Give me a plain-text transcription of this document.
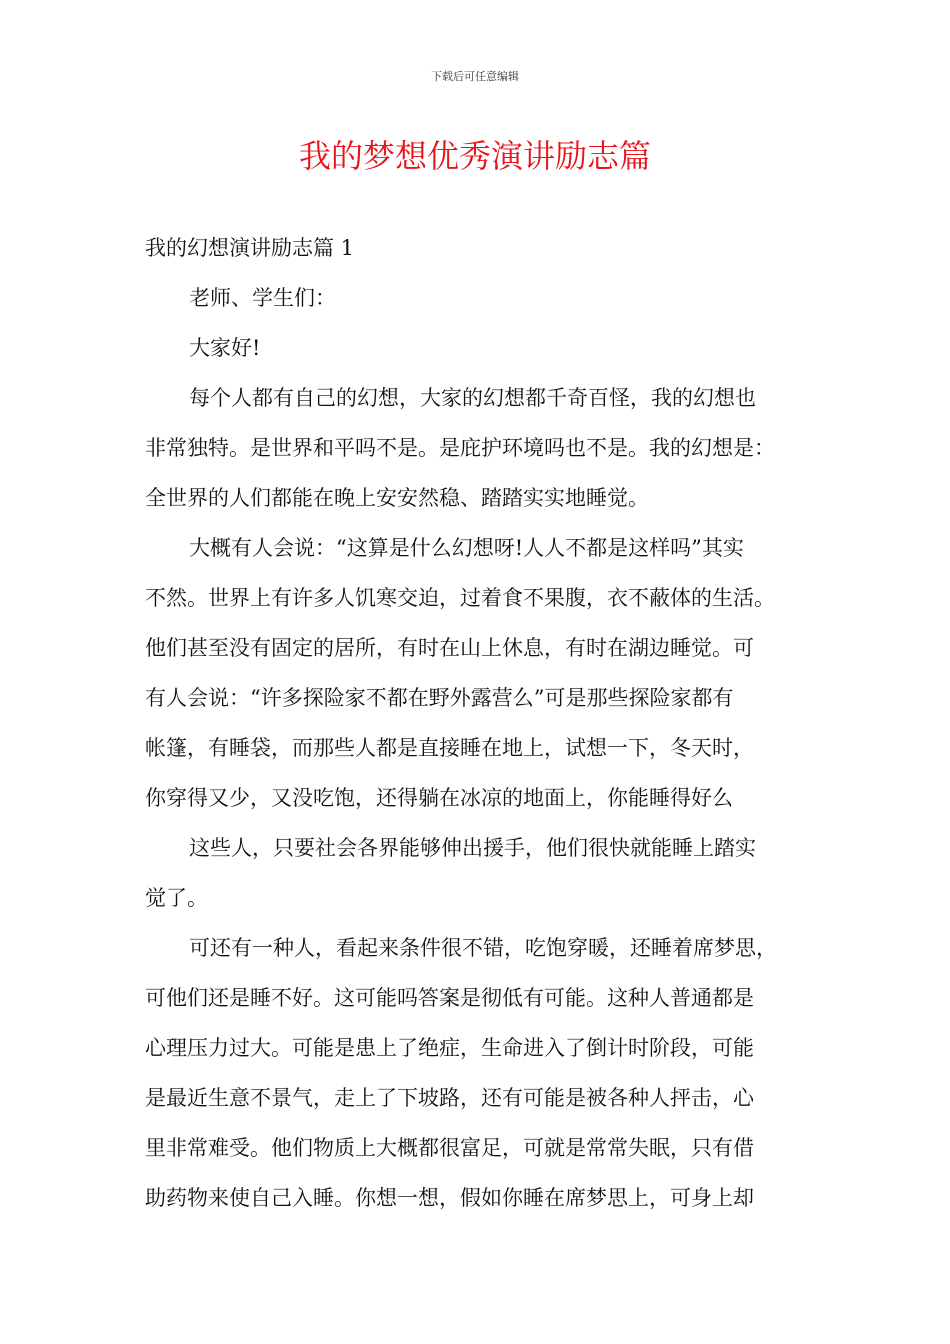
下载后可任意编辑
我的梦想优秀演讲励志篇

我的幻想演讲励志篇 1

老师、学生们：

大家好!

每个人都有自己的幻想，大家的幻想都千奇百怪，我的幻想也
非常独特。是世界和平吗不是。是庇护环境吗也不是。我的幻想是：
全世界的人们都能在晚上安安然稳、踏踏实实地睡觉。

大概有人会说：“这算是什么幻想呀!人人不都是这样吗”其实
不然。世界上有许多人饥寒交迫，过着食不果腹，衣不蔽体的生活。
他们甚至没有固定的居所，有时在山上休息，有时在湖边睡觉。可
有人会说：“许多探险家不都在野外露营么”可是那些探险家都有
帐篷，有睡袋，而那些人都是直接睡在地上，试想一下，冬天时，
你穿得又少，又没吃饱，还得躺在冰凉的地面上，你能睡得好么

这些人，只要社会各界能够伸出援手，他们很快就能睡上踏实
觉了。

可还有一种人，看起来条件很不错，吃饱穿暖，还睡着席梦思，
可他们还是睡不好。这可能吗答案是彻低有可能。这种人普通都是
心理压力过大。可能是患上了绝症，生命进入了倒计时阶段，可能
是最近生意不景气，走上了下坡路，还有可能是被各种人抨击，心
里非常难受。他们物质上大概都很富足，可就是常常失眠，只有借
助药物来使自己入睡。你想一想，假如你睡在席梦思上，可身上却
